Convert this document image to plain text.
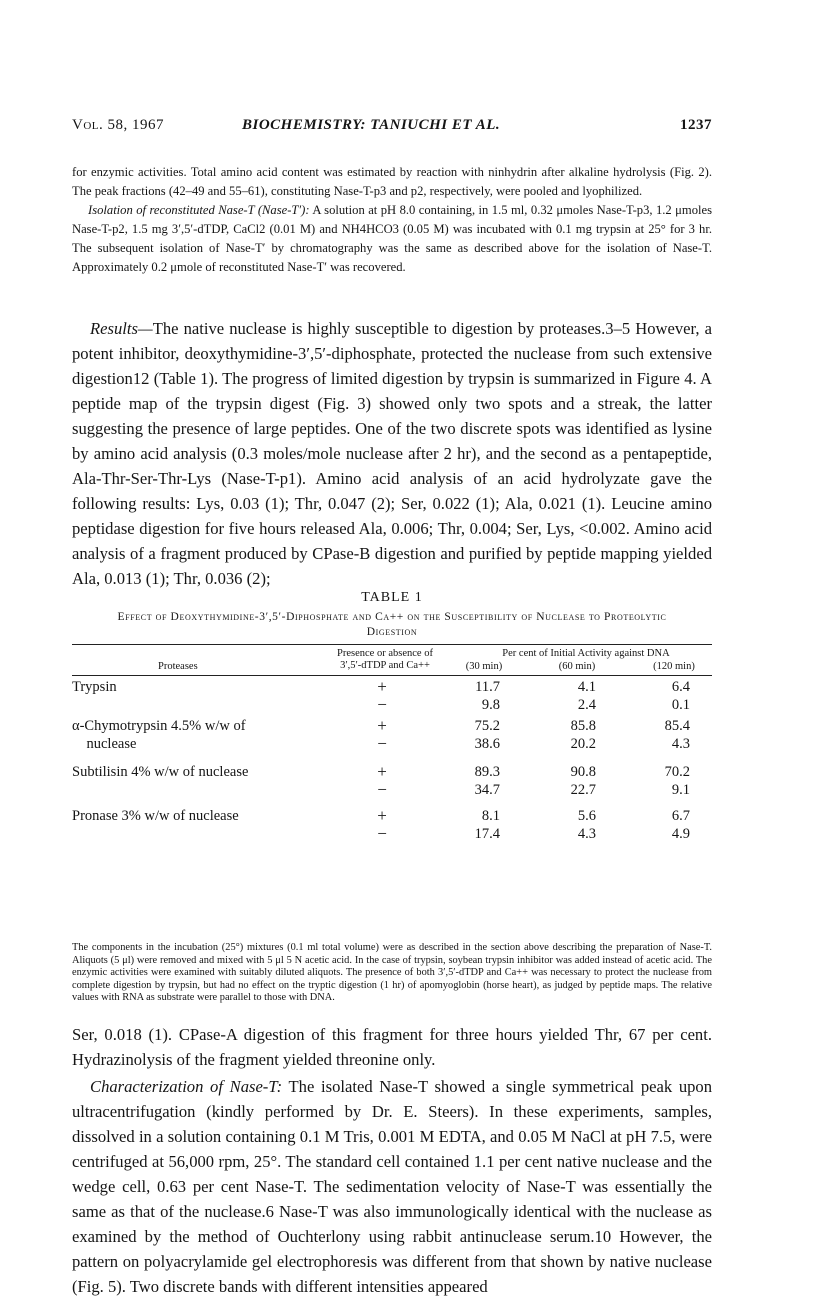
Vol. 58, 1967	BIOCHEMISTRY: TANIUCHI ET AL.	1237

for enzymic activities. Total amino acid content was estimated by reaction with ninhydrin after alkaline hydrolysis (Fig. 2). The peak fractions (42–49 and 55–61), constituting Nase-T-p3 and p2, respectively, were pooled and lyophilized.

Isolation of reconstituted Nase-T (Nase-T′): A solution at pH 8.0 containing, in 1.5 ml, 0.32 μmoles Nase-T-p3, 1.2 μmoles Nase-T-p2, 1.5 mg 3′,5′-dTDP, CaCl2 (0.01 M) and NH4HCO3 (0.05 M) was incubated with 0.1 mg trypsin at 25° for 3 hr. The subsequent isolation of Nase-T′ by chromatography was the same as described above for the isolation of Nase-T. Approximately 0.2 μmole of reconstituted Nase-T′ was recovered.

Results—The native nuclease is highly susceptible to digestion by proteases.3–5 However, a potent inhibitor, deoxythymidine-3′,5′-diphosphate, protected the nuclease from such extensive digestion12 (Table 1). The progress of limited digestion by trypsin is summarized in Figure 4. A peptide map of the trypsin digest (Fig. 3) showed only two spots and a streak, the latter suggesting the presence of large peptides. One of the two discrete spots was identified as lysine by amino acid analysis (0.3 moles/mole nuclease after 2 hr), and the second as a pentapeptide, Ala-Thr-Ser-Thr-Lys (Nase-T-p1). Amino acid analysis of an acid hydrolyzate gave the following results: Lys, 0.03 (1); Thr, 0.047 (2); Ser, 0.022 (1); Ala, 0.021 (1). Leucine amino peptidase digestion for five hours released Ala, 0.006; Thr, 0.004; Ser, Lys, <0.002. Amino acid analysis of a fragment produced by CPase-B digestion and purified by peptide mapping yielded Ala, 0.013 (1); Thr, 0.036 (2);

TABLE 1
Effect of Deoxythymidine-3′,5′-Diphosphate and Ca++ on the Susceptibility of Nuclease to Proteolytic Digestion
Proteases
Presence or absence of
3′,5′-dTDP and Ca++
Per cent of Initial Activity against DNA
(30 min)	(60 min)	(120 min)
Trypsin	+	11.7	4.1	6.4
−	9.8	2.4	0.1
α-Chymotrypsin 4.5% w/w of	+	75.2	85.8	85.4
nuclease	−	38.6	20.2	4.3
Subtilisin 4% w/w of nuclease	+	89.3	90.8	70.2
−	34.7	22.7	9.1
Pronase 3% w/w of nuclease	+	8.1	5.6	6.7
−	17.4	4.3	4.9
The components in the incubation (25°) mixtures (0.1 ml total volume) were as described in the section above describing the preparation of Nase-T. Aliquots (5 μl) were removed and mixed with 5 μl 5 N acetic acid. In the case of trypsin, soybean trypsin inhibitor was added instead of acetic acid. The enzymic activities were examined with suitably diluted aliquots. The presence of both 3′,5′-dTDP and Ca++ was necessary to protect the nuclease from complete digestion by trypsin, but had no effect on the tryptic digestion (1 hr) of apomyoglobin (horse heart), as judged by peptide maps. The relative values with RNA as substrate were parallel to those with DNA.

Ser, 0.018 (1). CPase-A digestion of this fragment for three hours yielded Thr, 67 per cent. Hydrazinolysis of the fragment yielded threonine only.

Characterization of Nase-T: The isolated Nase-T showed a single symmetrical peak upon ultracentrifugation (kindly performed by Dr. E. Steers). In these experiments, samples, dissolved in a solution containing 0.1 M Tris, 0.001 M EDTA, and 0.05 M NaCl at pH 7.5, were centrifuged at 56,000 rpm, 25°. The standard cell contained 1.1 per cent native nuclease and the wedge cell, 0.63 per cent Nase-T. The sedimentation velocity of Nase-T was essentially the same as that of the nuclease.6 Nase-T was also immunologically identical with the nuclease as examined by the method of Ouchterlony using rabbit antinuclease serum.10 However, the pattern on polyacrylamide gel electrophoresis was different from that shown by native nuclease (Fig. 5). Two discrete bands with different intensities appeared
